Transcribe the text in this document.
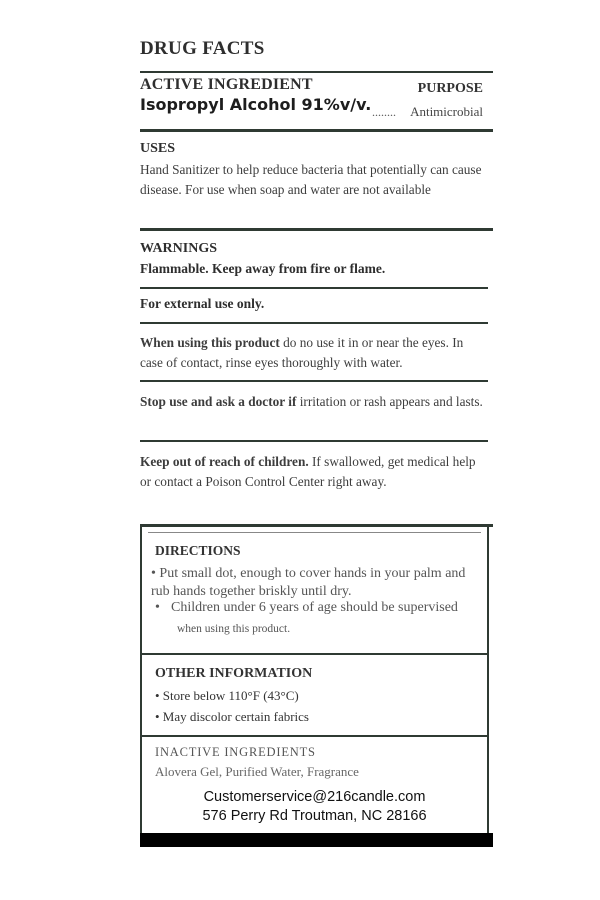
DRUG FACTS
ACTIVE INGREDIENT	PURPOSE
Isopropyl Alcohol 91%v/v. ........ Antimicrobial
USES
Hand Sanitizer to help reduce bacteria that potentially can cause disease. For use when soap and water are not available
WARNINGS
Flammable. Keep away from fire or flame.
For external use only.
When using this product do no use it in or near the eyes. In case of contact, rinse eyes thoroughly with water.
Stop use and ask a doctor if irritation or rash appears and lasts.
Keep out of reach of children. If swallowed, get medical help or contact a Poison Control Center right away.
DIRECTIONS
• Put small dot, enough to cover hands in your palm and rub hands together briskly until dry.
• Children under 6 years of age should be supervised
when using this product.
OTHER INFORMATION
• Store below 110°F (43°C)
• May discolor certain fabrics
INACTIVE INGREDIENTS
Alovera Gel, Purified Water, Fragrance
Customerservice@216candle.com
576 Perry Rd Troutman, NC 28166
